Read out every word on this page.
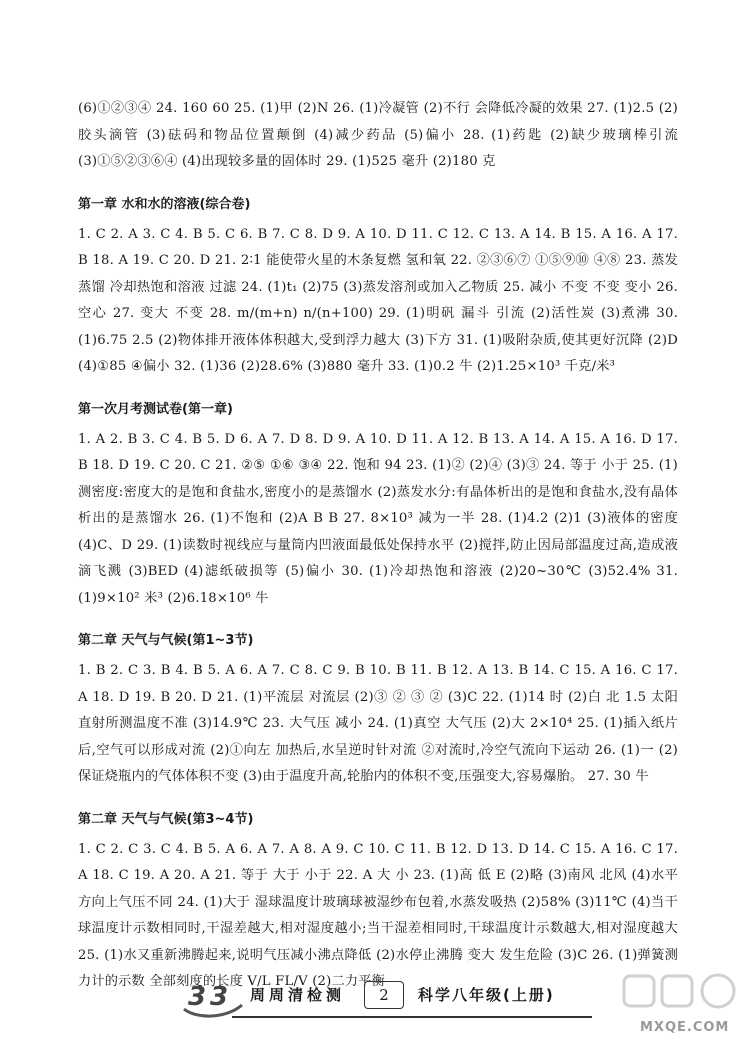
(6)①②③④ 24. 160 60 25. (1)甲 (2)N 26. (1)冷凝管 (2)不行 会降低冷凝的效果 27. (1)2.5 (2)胶头滴管 (3)砝码和物品位置颠倒 (4)减少药品 (5)偏小 28. (1)药匙 (2)缺少玻璃棒引流 (3)①⑤②③⑥④ (4)出现较多量的固体时 29. (1)525 毫升 (2)180 克

第一章 水和水的溶液(综合卷)

1. C 2. A 3. C 4. B 5. C 6. B 7. C 8. D 9. A 10. D 11. C 12. C 13. A 14. B 15. A 16. A 17. B 18. A 19. C 20. D 21. 2∶1 能使带火星的木条复燃 氢和氧 22. ②③⑥⑦ ①⑤⑨⑩ ④⑧ 23. 蒸发 蒸馏 冷却热饱和溶液 过滤 24. (1)t₁ (2)75 (3)蒸发溶剂或加入乙物质 25. 减小 不变 不变 变小 26. 空心 27. 变大 不变 28. m/(m+n) n/(n+100) 29. (1)明矾 漏斗 引流 (2)活性炭 (3)煮沸 30. (1)6.75 2.5 (2)物体排开液体体积越大,受到浮力越大 (3)下方 31. (1)吸附杂质,使其更好沉降 (2)D (4)①85 ④偏小 32. (1)36 (2)28.6% (3)880 毫升 33. (1)0.2 牛 (2)1.25×10³ 千克/米³

第一次月考测试卷(第一章)

1. A 2. B 3. C 4. B 5. D 6. A 7. D 8. D 9. A 10. D 11. A 12. B 13. A 14. A 15. A 16. D 17. B 18. D 19. C 20. C 21. ②⑤ ①⑥ ③④ 22. 饱和 94 23. (1)② (2)④ (3)③ 24. 等于 小于 25. (1)测密度:密度大的是饱和食盐水,密度小的是蒸馏水 (2)蒸发水分:有晶体析出的是饱和食盐水,没有晶体析出的是蒸馏水 26. (1)不饱和 (2)A B B 27. 8×10³ 减为一半 28. (1)4.2 (2)1 (3)液体的密度 (4)C、D 29. (1)读数时视线应与量筒内凹液面最低处保持水平 (2)搅拌,防止因局部温度过高,造成液滴飞溅 (3)BED (4)滤纸破损等 (5)偏小 30. (1)冷却热饱和溶液 (2)20~30℃ (3)52.4% 31. (1)9×10² 米³ (2)6.18×10⁶ 牛

第二章 天气与气候(第1~3节)

1. B 2. C 3. B 4. B 5. A 6. A 7. C 8. C 9. B 10. B 11. B 12. A 13. B 14. C 15. A 16. C 17. A 18. D 19. B 20. D 21. (1)平流层 对流层 (2)③ ② ③ ② (3)C 22. (1)14 时 (2)白 北 1.5 太阳直射所测温度不准 (3)14.9℃ 23. 大气压 减小 24. (1)真空 大气压 (2)大 2×10⁴ 25. (1)插入纸片后,空气可以形成对流 (2)①向左 加热后,水呈逆时针对流 ②对流时,冷空气流向下运动 26. (1)一 (2)保证烧瓶内的气体体积不变 (3)由于温度升高,轮胎内的体积不变,压强变大,容易爆胎。 27. 30 牛

第二章 天气与气候(第3~4节)

1. C 2. C 3. C 4. B 5. A 6. A 7. A 8. A 9. C 10. C 11. B 12. D 13. D 14. C 15. A 16. C 17. A 18. C 19. A 20. A 21. 等于 大于 小于 22. A 大 小 23. (1)高 低 E (2)略 (3)南风 北风 (4)水平方向上气压不同 24. (1)大于 湿球温度计玻璃球被湿纱布包着,水蒸发吸热 (2)58% (3)11℃ (4)当干球温度计示数相同时,干湿差越大,相对湿度越小;当干湿差相同时,干球温度计示数越大,相对湿度越大 25. (1)水又重新沸腾起来,说明气压减小沸点降低 (2)水停止沸腾 变大 发生危险 (3)C 26. (1)弹簧测力计的示数 全部刻度的长度 V/L FL/V (2)二力平衡

3 3 周周清检测	2	科学八年级(上册)
MXQE.COM
